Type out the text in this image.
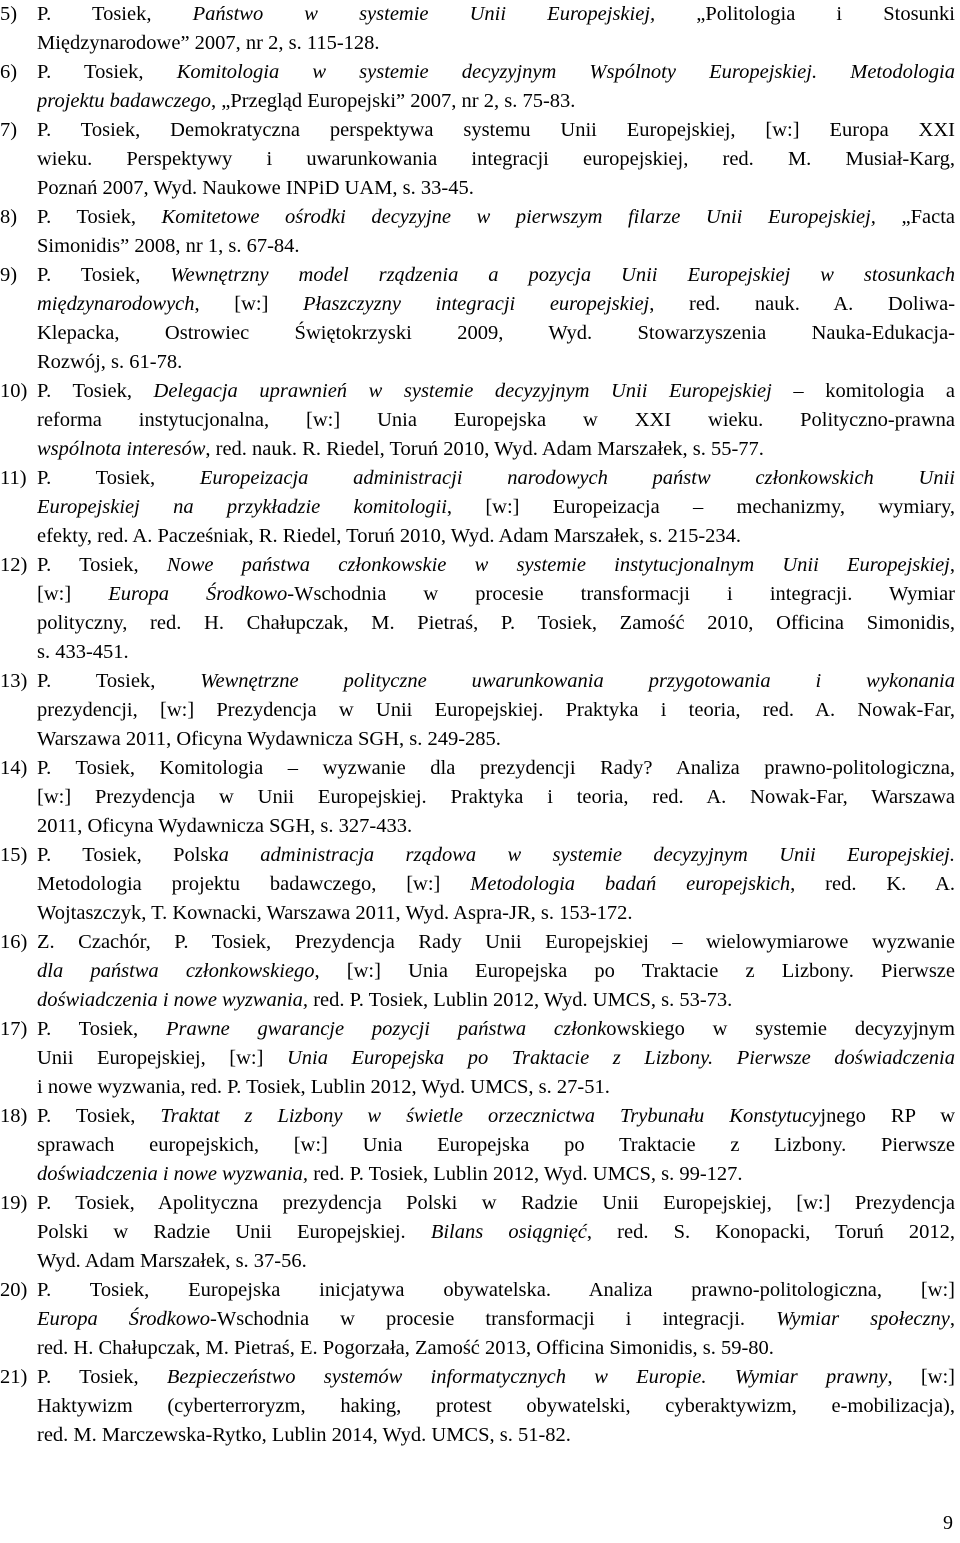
5) P. Tosiek, Państwo w systemie Unii Europejskiej, „Politologia i Stosunki
Międzynarodowe” 2007, nr 2, s. 115-128.
6) P. Tosiek, Komitologia w systemie decyzyjnym Wspólnoty Europejskiej. Metodologia
projektu badawczego, „Przegląd Europejski” 2007, nr 2, s. 75-83.
7) P. Tosiek, Demokratyczna perspektywa systemu Unii Europejskiej, [w:] Europa XXI
wieku. Perspektywy i uwarunkowania integracji europejskiej, red. M. Musiał-Karg,
Poznań 2007, Wyd. Naukowe INPiD UAM, s. 33-45.
8) P. Tosiek, Komitetowe ośrodki decyzyjne w pierwszym filarze Unii Europejskiej, „Facta
Simonidis” 2008, nr 1, s. 67-84.
9) P. Tosiek, Wewnętrzny model rządzenia a pozycja Unii Europejskiej w stosunkach
międzynarodowych, [w:] Płaszczyzny integracji europejskiej, red. nauk. A. Doliwa-
Klepacka, Ostrowiec Świętokrzyski 2009, Wyd. Stowarzyszenia Nauka-Edukacja-
Rozwój, s. 61-78.
10) P. Tosiek, Delegacja uprawnień w systemie decyzyjnym Unii Europejskiej – komitologia a
reforma instytucjonalna, [w:] Unia Europejska w XXI wieku. Polityczno-prawna
wspólnota interesów, red. nauk. R. Riedel, Toruń 2010, Wyd. Adam Marszałek, s. 55-77.
11) P. Tosiek, Europeizacja administracji narodowych państw członkowskich Unii
Europejskiej na przykładzie komitologii, [w:] Europeizacja – mechanizmy, wymiary,
efekty, red. A. Pacześniak, R. Riedel, Toruń 2010, Wyd. Adam Marszałek, s. 215-234.
12) P. Tosiek, Nowe państwa członkowskie w systemie instytucjonalnym Unii Europejskiej,
[w:] Europa Środkowo-Wschodnia w procesie transformacji i integracji. Wymiar
polityczny, red. H. Chałupczak, M. Pietraś, P. Tosiek, Zamość 2010, Officina Simonidis,
s. 433-451.
13) P. Tosiek, Wewnętrzne polityczne uwarunkowania przygotowania i wykonania
prezydencji, [w:] Prezydencja w Unii Europejskiej. Praktyka i teoria, red. A. Nowak-Far,
Warszawa 2011, Oficyna Wydawnicza SGH, s. 249-285.
14) P. Tosiek, Komitologia – wyzwanie dla prezydencji Rady? Analiza prawno-politologiczna,
[w:] Prezydencja w Unii Europejskiej. Praktyka i teoria, red. A. Nowak-Far, Warszawa
2011, Oficyna Wydawnicza SGH, s. 327-433.
15) P. Tosiek, Polska administracja rządowa w systemie decyzyjnym Unii Europejskiej.
Metodologia projektu badawczego, [w:] Metodologia badań europejskich, red. K. A.
Wojtaszczyk, T. Kownacki, Warszawa 2011, Wyd. Aspra-JR, s. 153-172.
16) Z. Czachór, P. Tosiek, Prezydencja Rady Unii Europejskiej – wielowymiarowe wyzwanie
dla państwa członkowskiego, [w:] Unia Europejska po Traktacie z Lizbony. Pierwsze
doświadczenia i nowe wyzwania, red. P. Tosiek, Lublin 2012, Wyd. UMCS, s. 53-73.
17) P. Tosiek, Prawne gwarancje pozycji państwa członkowskiego w systemie decyzyjnym
Unii Europejskiej, [w:] Unia Europejska po Traktacie z Lizbony. Pierwsze doświadczenia
i nowe wyzwania, red. P. Tosiek, Lublin 2012, Wyd. UMCS, s. 27-51.
18) P. Tosiek, Traktat z Lizbony w świetle orzecznictwa Trybunału Konstytucyjnego RP w
sprawach europejskich, [w:] Unia Europejska po Traktacie z Lizbony. Pierwsze
doświadczenia i nowe wyzwania, red. P. Tosiek, Lublin 2012, Wyd. UMCS, s. 99-127.
19) P. Tosiek, Apolityczna prezydencja Polski w Radzie Unii Europejskiej, [w:] Prezydencja
Polski w Radzie Unii Europejskiej. Bilans osiągnięć, red. S. Konopacki, Toruń 2012,
Wyd. Adam Marszałek, s. 37-56.
20) P. Tosiek, Europejska inicjatywa obywatelska. Analiza prawno-politologiczna, [w:]
Europa Środkowo-Wschodnia w procesie transformacji i integracji. Wymiar społeczny,
red. H. Chałupczak, M. Pietraś, E. Pogorzała, Zamość 2013, Officina Simonidis, s. 59-80.
21) P. Tosiek, Bezpieczeństwo systemów informatycznych w Europie. Wymiar prawny, [w:]
Haktywizm (cyberterroryzm, haking, protest obywatelski, cyberaktywizm, e-mobilizacja),
red. M. Marczewska-Rytko, Lublin 2014, Wyd. UMCS, s. 51-82.
9
